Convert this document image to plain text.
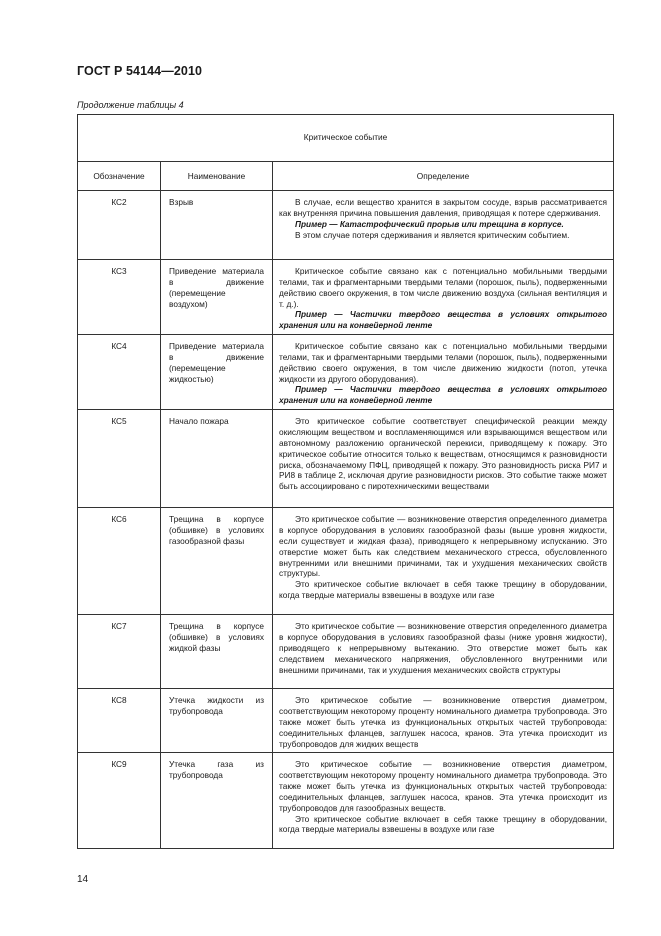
ГОСТ Р 54144—2010
Продолжение таблицы 4
Критическое событие		

Обозначение	Наименование	Определение
КС2	Взрыв	В случае, если вещество хранится в закрытом сосуде, взрыв рассматривается как внутренняя причина повышения давления, приводящая к потере сдерживания.

Пример — Катастрофический прорыв или трещина в корпусе.

В этом случае потеря сдерживания и является критическим событием.

КС3	Приведение материала в движение (перемещение воздухом)	Критическое событие связано как с потенциально мобильными твердыми телами, так и фрагментарными твердыми телами (порошок, пыль), подверженными действию своего окружения, в том числе движению воздуха (сильная вентиляция и т. д.).

Пример — Частички твердого вещества в условиях открытого хранения или на конвейерной ленте

КС4	Приведение материала в движение (перемещение жидкостью)	Критическое событие связано как с потенциально мобильными твердыми телами, так и фрагментарными твердыми телами (порошок, пыль), подверженными действию своего окружения, в том числе движению жидкости (потоп, утечка жидкости из другого оборудования).

Пример — Частички твердого вещества в условиях открытого хранения или на конвейерной ленте

КС5	Начало пожара	Это критическое событие соответствует специфической реакции между окисляющим веществом и воспламеняющимся или взрывающимся веществом или автономному разложению органической перекиси, приводящему к пожару. Это критическое событие относится только к веществам, относящимся к разновидности риска, обозначаемому ПФЦ, приводящей к пожару. Это разновидность риска РИ7 и РИ8 в таблице 2, исключая другие разновидности рисков. Это событие также может быть ассоциировано с пиротехническими веществами

КС6	Трещина в корпусе (обшивке) в условиях газообразной фазы	Это критическое событие — возникновение отверстия определенного диаметра в корпусе оборудования в условиях газообразной фазы (выше уровня жидкости, если существует и жидкая фаза), приводящего к непрерывному испусканию. Это отверстие может быть как следствием механического стресса, обусловленного внутренними или внешними причинами, так и ухудшения механических свойств структуры.

Это критическое событие включает в себя также трещину в оборудовании, когда твердые материалы взвешены в воздухе или газе

КС7	Трещина в корпусе (обшивке) в условиях жидкой фазы	Это критическое событие — возникновение отверстия определенного диаметра в корпусе оборудования в условиях газообразной фазы (ниже уровня жидкости), приводящего к непрерывному вытеканию. Это отверстие может быть как следствием механического напряжения, обусловленного внутренними или внешними причинами, так и ухудшения механических свойств структуры

КС8	Утечка жидкости из трубопровода	Это критическое событие — возникновение отверстия диаметром, соответствующим некоторому проценту номинального диаметра трубопровода. Это также может быть утечка из функциональных открытых частей трубопровода: соединительных фланцев, заглушек насоса, кранов. Эта утечка происходит из трубопроводов для жидких веществ

КС9	Утечка газа из трубопровода	Это критическое событие — возникновение отверстия диаметром, соответствующим некоторому проценту номинального диаметра трубопровода. Это также может быть утечка из функциональных открытых частей трубопровода: соединительных фланцев, заглушек насоса, кранов. Эта утечка происходит из трубопроводов для газообразных веществ.

Это критическое событие включает в себя также трещину в оборудовании, когда твердые материалы взвешены в воздухе или газе

14
